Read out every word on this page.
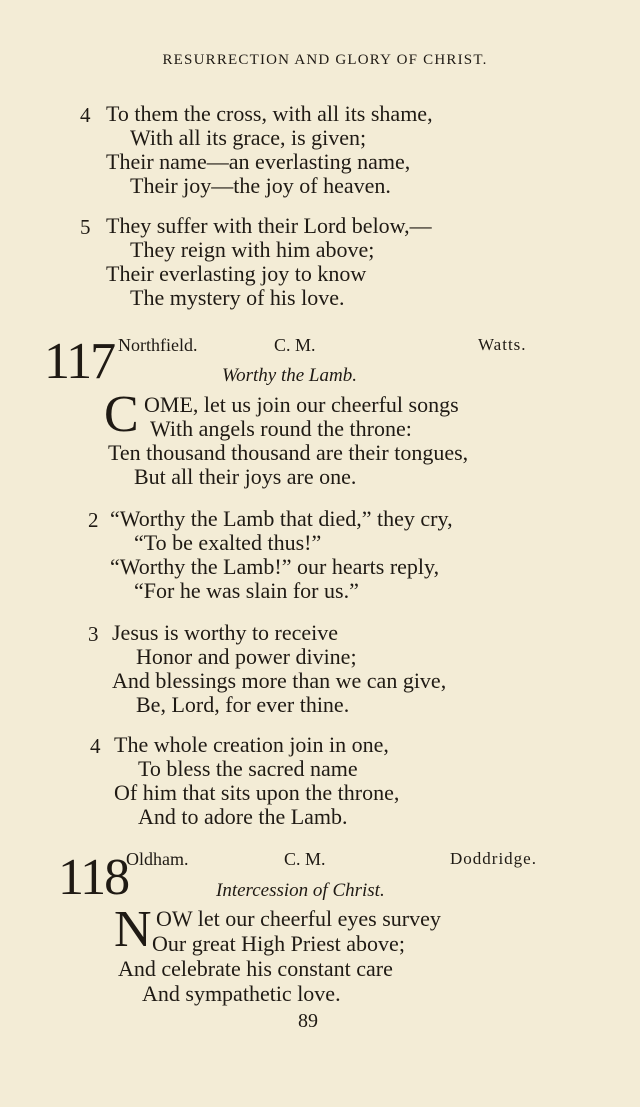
RESURRECTION AND GLORY OF CHRIST.
4 To them the cross, with all its shame,
With all its grace, is given;
Their name—an everlasting name,
Their joy—the joy of heaven.
5 They suffer with their Lord below,—
They reign with him above;
Their everlasting joy to know
The mystery of his love.
117 Northfield.	C. M.	Watts.
Worthy the Lamb.
C OME, let us join our cheerful songs
With angels round the throne:
Ten thousand thousand are their tongues,
But all their joys are one.
2 “Worthy the Lamb that died,” they cry,
“To be exalted thus!”
“Worthy the Lamb!” our hearts reply,
“For he was slain for us.”
3 Jesus is worthy to receive
Honor and power divine;
And blessings more than we can give,
Be, Lord, for ever thine.
4 The whole creation join in one,
To bless the sacred name
Of him that sits upon the throne,
And to adore the Lamb.
118
Oldham.	C. M.	Doddridge.
Intercession of Christ.
N OW let our cheerful eyes survey
Our great High Priest above;
And celebrate his constant care
And sympathetic love.
89
